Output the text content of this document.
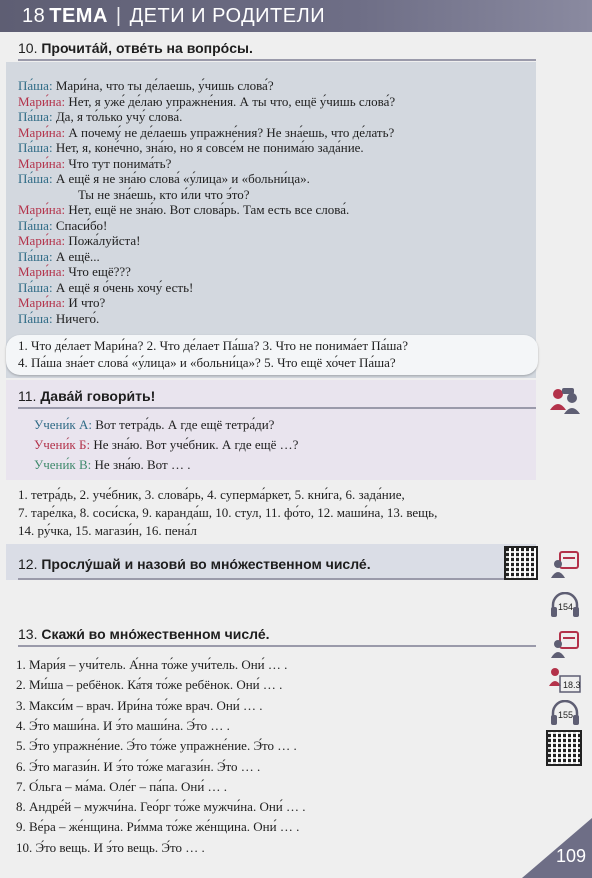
18 ТЕМА | ДЕТИ И РОДИТЕЛИ
10. Прочита́й, отве́ть на вопро́сы.
Па́ша: Мари́на, что ты де́лаешь, у́чишь слова́?
Мари́на: Нет, я уже́ де́лаю упражне́ния. А ты что, ещё у́чишь слова́?
Па́ша: Да, я то́лько учу́ слова́.
Мари́на: А почему́ не де́лаешь упражне́ния? Не зна́ешь, что де́лать?
Па́ша: Нет, я, коне́чно, зна́ю, но я совсе́м не понима́ю зада́ние.
Мари́на: Что тут понима́ть?
Па́ша: А ещё я не зна́ю слова́ «у́лица» и «больни́ца».
Ты не зна́ешь, кто и́ли что э́то?
Мари́на: Нет, ещё не зна́ю. Вот слова́рь. Там есть все слова́.
Па́ша: Спаси́бо!
Мари́на: Пожа́луйста!
Па́ша: А ещё...
Мари́на: Что ещё???
Па́ша: А ещё я о́чень хочу́ есть!
Мари́на: И что?
Па́ша: Ничего́.
1. Что де́лает Мари́на? 2. Что де́лает Па́ша? 3. Что не понима́ет Па́ша?
4. Па́ша зна́ет слова́ «у́лица» и «больни́ца»? 5. Что ещё хо́чет Па́ша?
11. Дава́й говори́ть!
Учени́к А: Вот тетра́дь. А где ещё тетра́ди?
Учени́к Б: Не зна́ю. Вот уче́бник. А где ещё …?
Учени́к В: Не зна́ю. Вот … .
1. тетра́дь, 2. уче́бник, 3. слова́рь, 4. суперма́ркет, 5. кни́га, 6. зада́ние,
7. таре́лка, 8. соси́ска, 9. каранда́ш, 10. стул, 11. фо́то, 12. маши́на, 13. вещь,
14. ру́чка, 15. магази́н, 16. пена́л
12. Прослу́шай и назови́ во мно́жественном числе́.
13. Скажи́ во мно́жественном числе́.
1. Мари́я – учи́тель. А́нна то́же учи́тель. Они́ … .
2. Ми́ша – ребёнок. Ка́тя то́же ребёнок. Они́ … .
3. Макси́м – врач. Ири́на то́же врач. Они́ … .
4. Э́то маши́на. И э́то маши́на. Э́то … .
5. Э́то упражне́ние. Э́то то́же упражне́ние. Э́то … .
6. Э́то магази́н. И э́то то́же магази́н. Э́то … .
7. О́льга – ма́ма. Оле́г – па́па. Они́ … .
8. Андре́й – мужчи́на. Гео́рг то́же мужчи́на. Они́ … .
9. Ве́ра – же́нщина. Ри́мма то́же же́нщина. Они́ … .
10. Э́то вещь. И э́то вещь. Э́то … .
154
18.3
155
109
